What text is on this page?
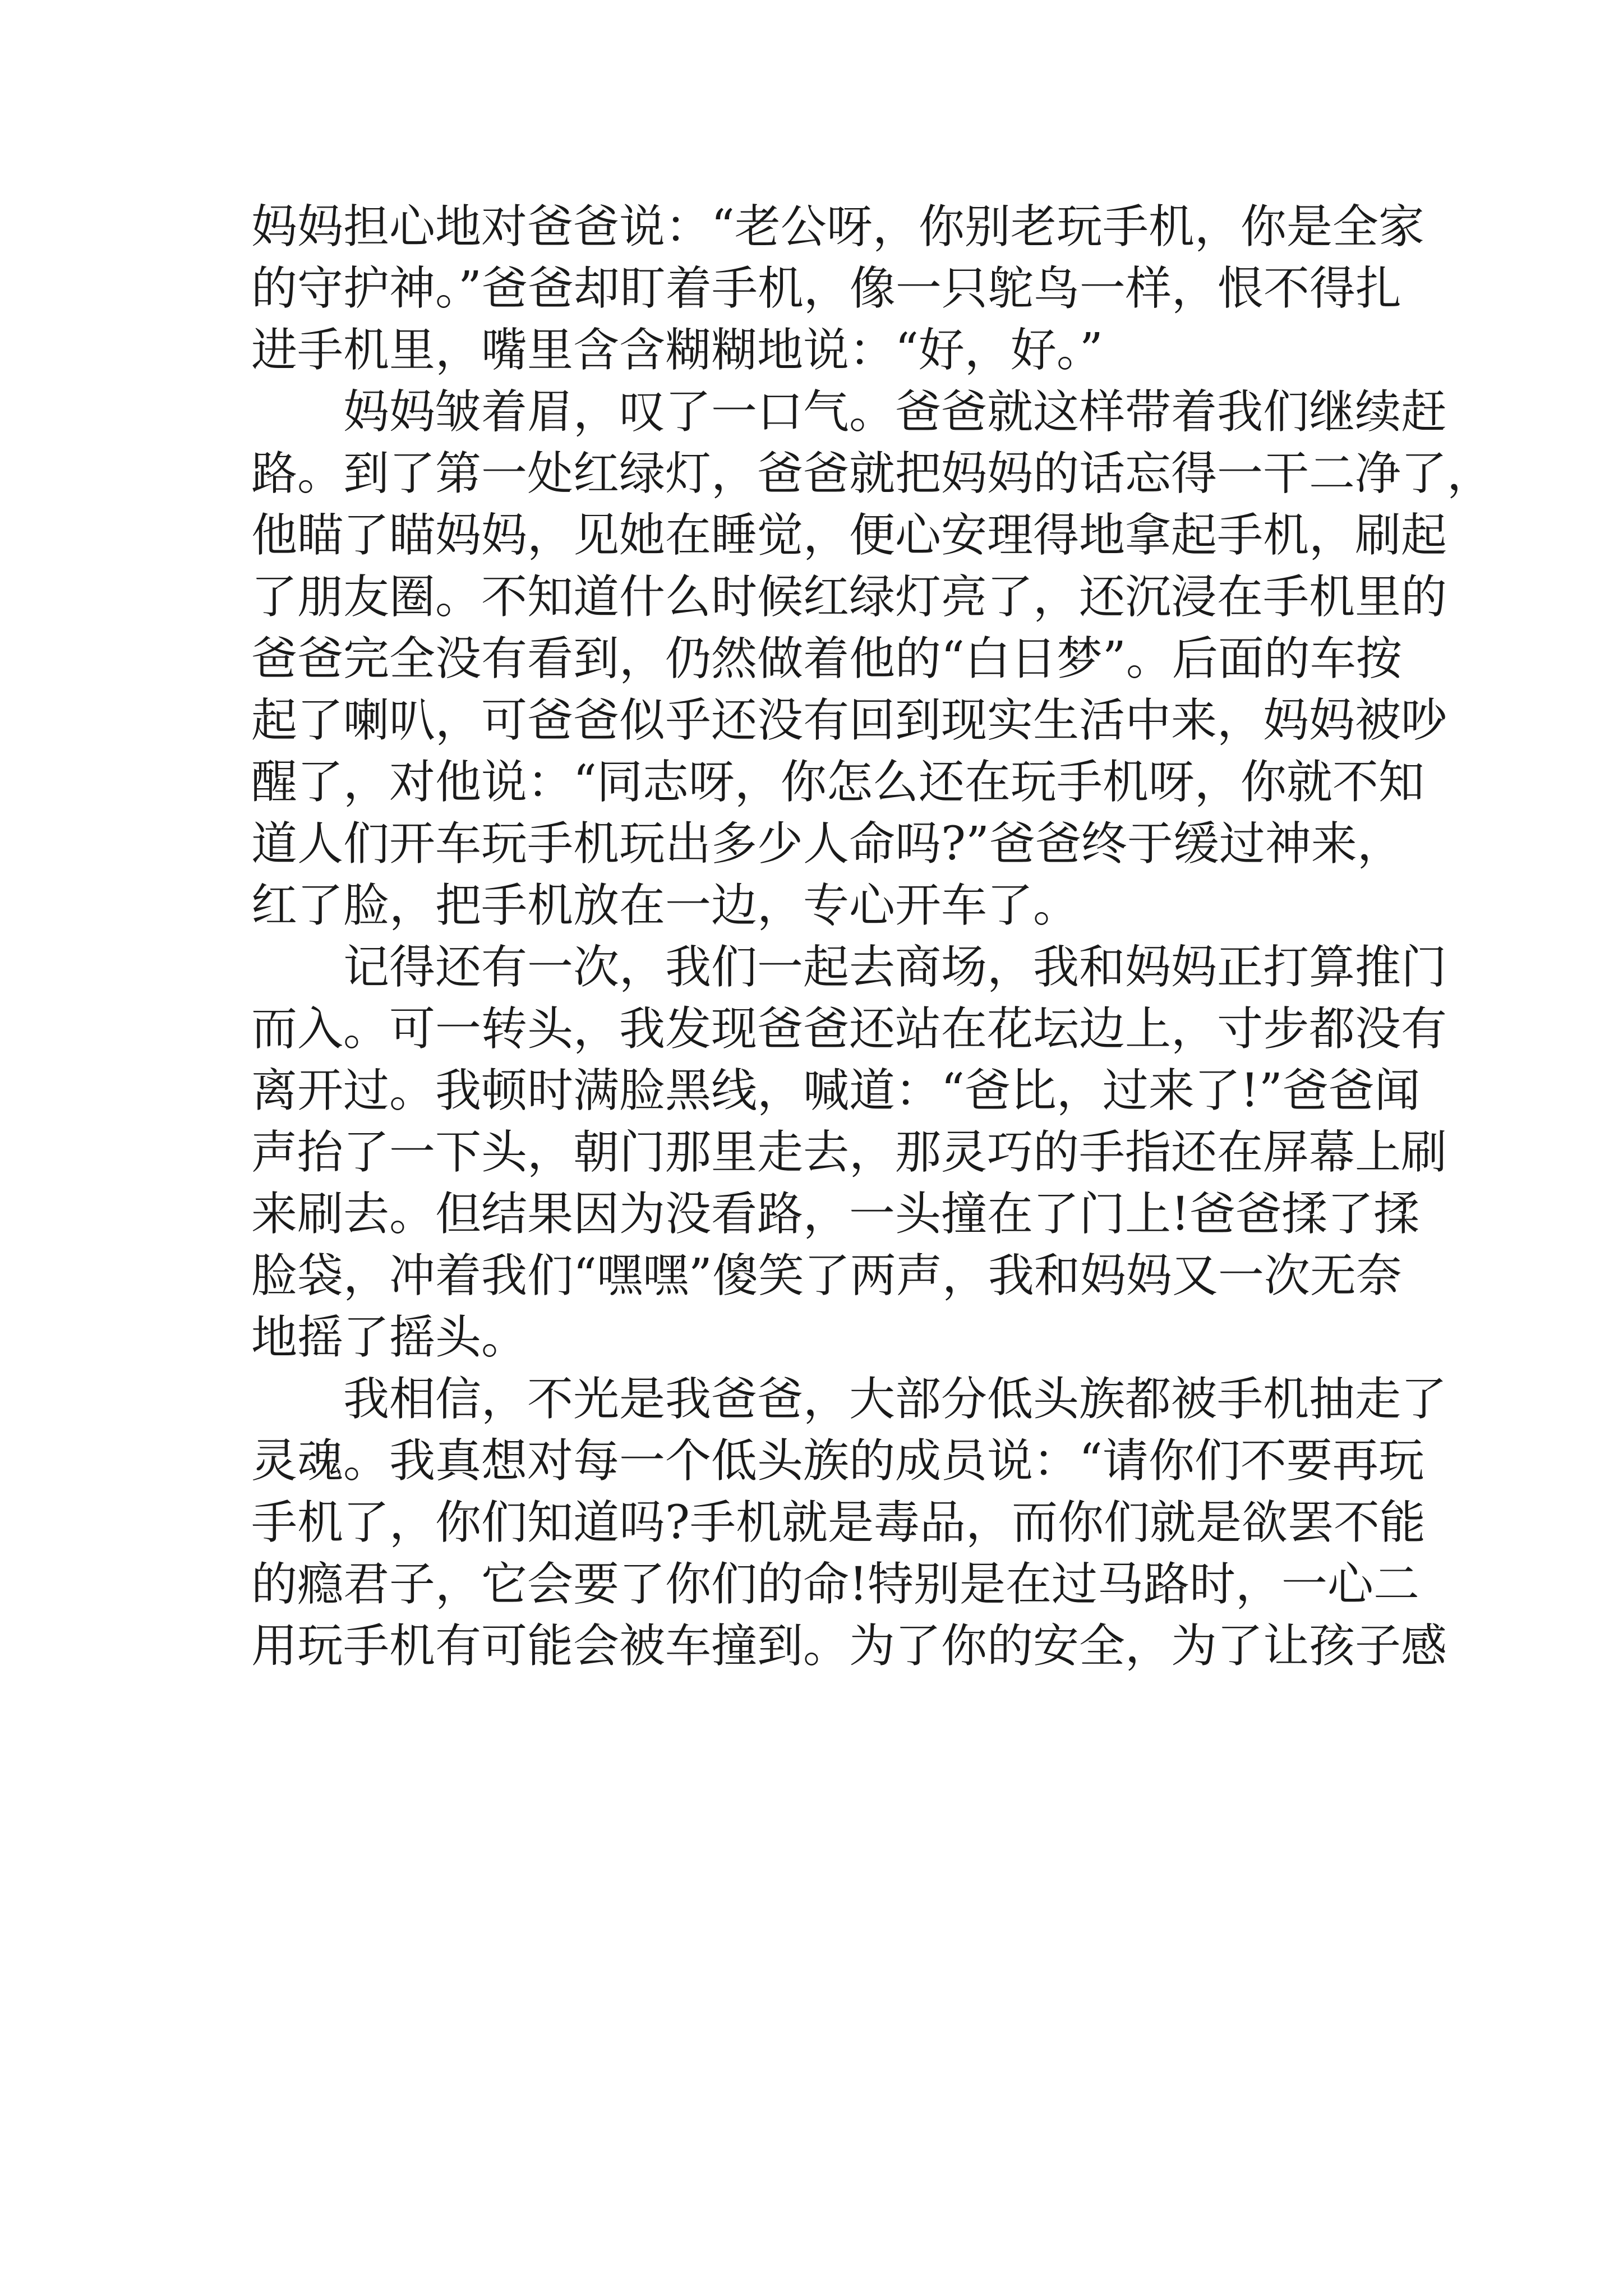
妈妈担心地对爸爸说：“老公呀，你别老玩手机，你是全家
的守护神。”爸爸却盯着手机，像一只鸵鸟一样，恨不得扎
进手机里，嘴里含含糊糊地说：“好，好。”
妈妈皱着眉，叹了一口气。爸爸就这样带着我们继续赶
路。到了第一处红绿灯，爸爸就把妈妈的话忘得一干二净了，
他瞄了瞄妈妈，见她在睡觉，便心安理得地拿起手机，刷起
了朋友圈。不知道什么时候红绿灯亮了，还沉浸在手机里的
爸爸完全没有看到，仍然做着他的“白日梦”。后面的车按
起了喇叭，可爸爸似乎还没有回到现实生活中来，妈妈被吵
醒了，对他说：“同志呀，你怎么还在玩手机呀，你就不知
道人们开车玩手机玩出多少人命吗?”爸爸终于缓过神来，
红了脸，把手机放在一边，专心开车了。
记得还有一次，我们一起去商场，我和妈妈正打算推门
而入。可一转头，我发现爸爸还站在花坛边上，寸步都没有
离开过。我顿时满脸黑线，喊道：“爸比，过来了!”爸爸闻
声抬了一下头，朝门那里走去，那灵巧的手指还在屏幕上刷
来刷去。但结果因为没看路，一头撞在了门上!爸爸揉了揉
脸袋，冲着我们“嘿嘿”傻笑了两声，我和妈妈又一次无奈
地摇了摇头。
我相信，不光是我爸爸，大部分低头族都被手机抽走了
灵魂。我真想对每一个低头族的成员说：“请你们不要再玩
手机了，你们知道吗?手机就是毒品，而你们就是欲罢不能
的瘾君子，它会要了你们的命!特别是在过马路时，一心二
用玩手机有可能会被车撞到。为了你的安全，为了让孩子感
